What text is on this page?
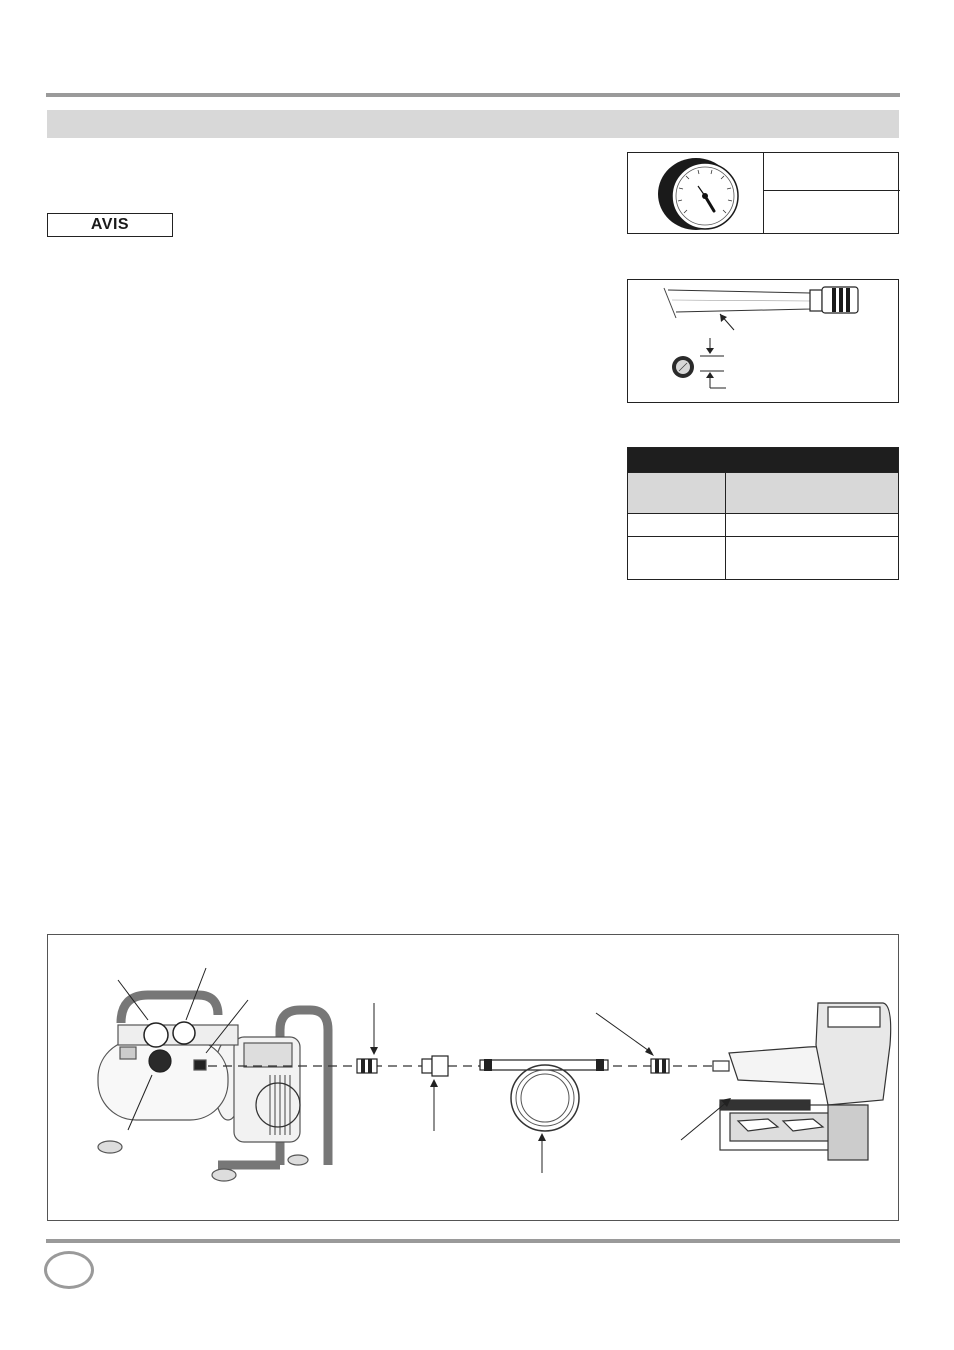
AVIS
